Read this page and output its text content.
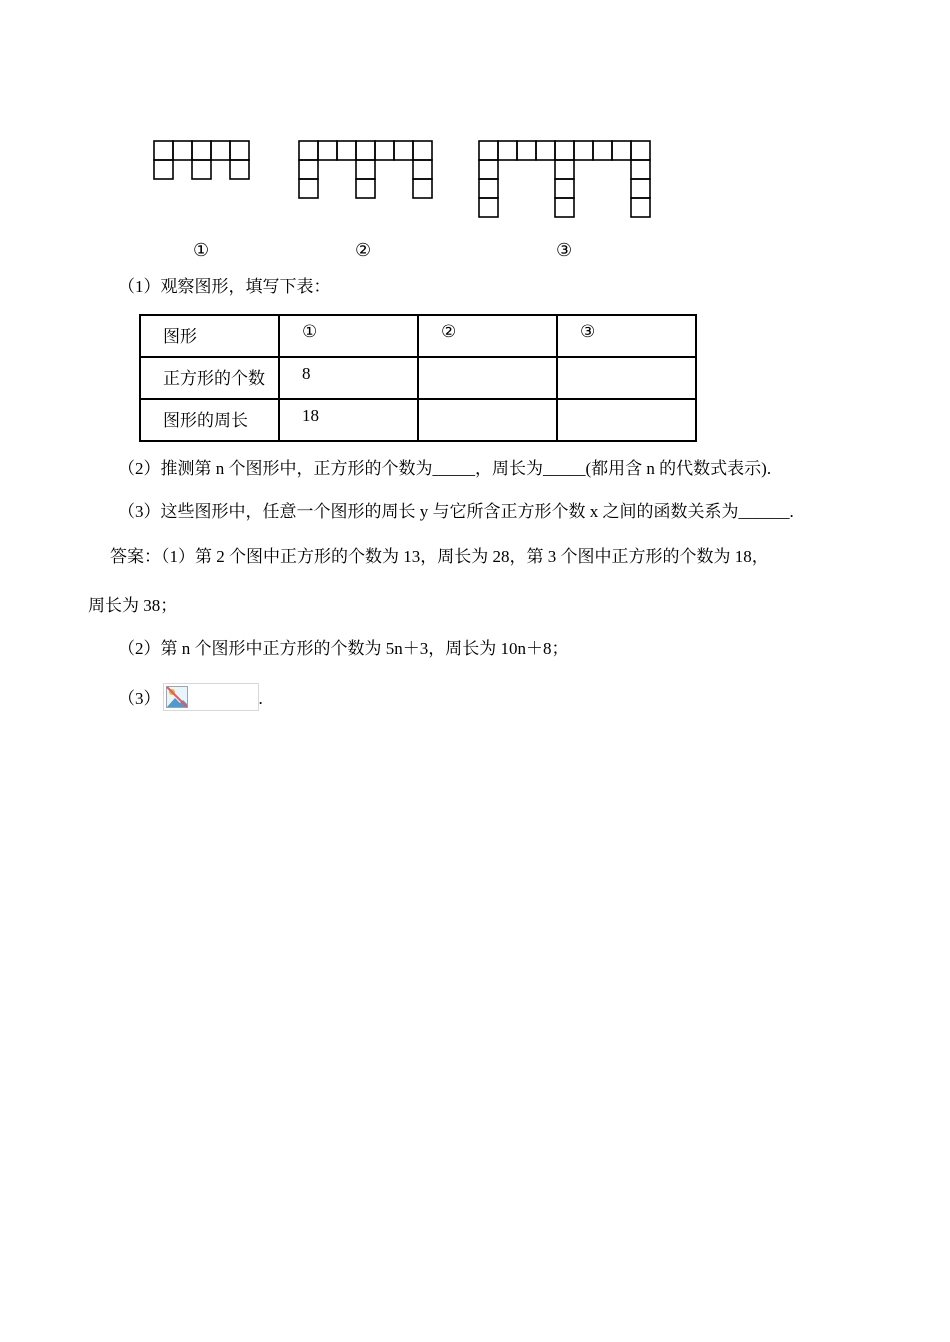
①	②	③
（1）观察图形，填写下表：
图形	①	②	③
正方形的个数	8		
图形的周长	18		
（2）推测第 n 个图形中，正方形的个数为_____，周长为_____(都用含 n 的代数式表示).
（3）这些图形中，任意一个图形的周长 y 与它所含正方形个数 x 之间的函数关系为______.
答案：（1）第 2 个图中正方形的个数为 13，周长为 28，第 3 个图中正方形的个数为 18，
周长为 38；
（2）第 n 个图形中正方形的个数为 5n＋3，周长为 10n＋8；
（3）	.
